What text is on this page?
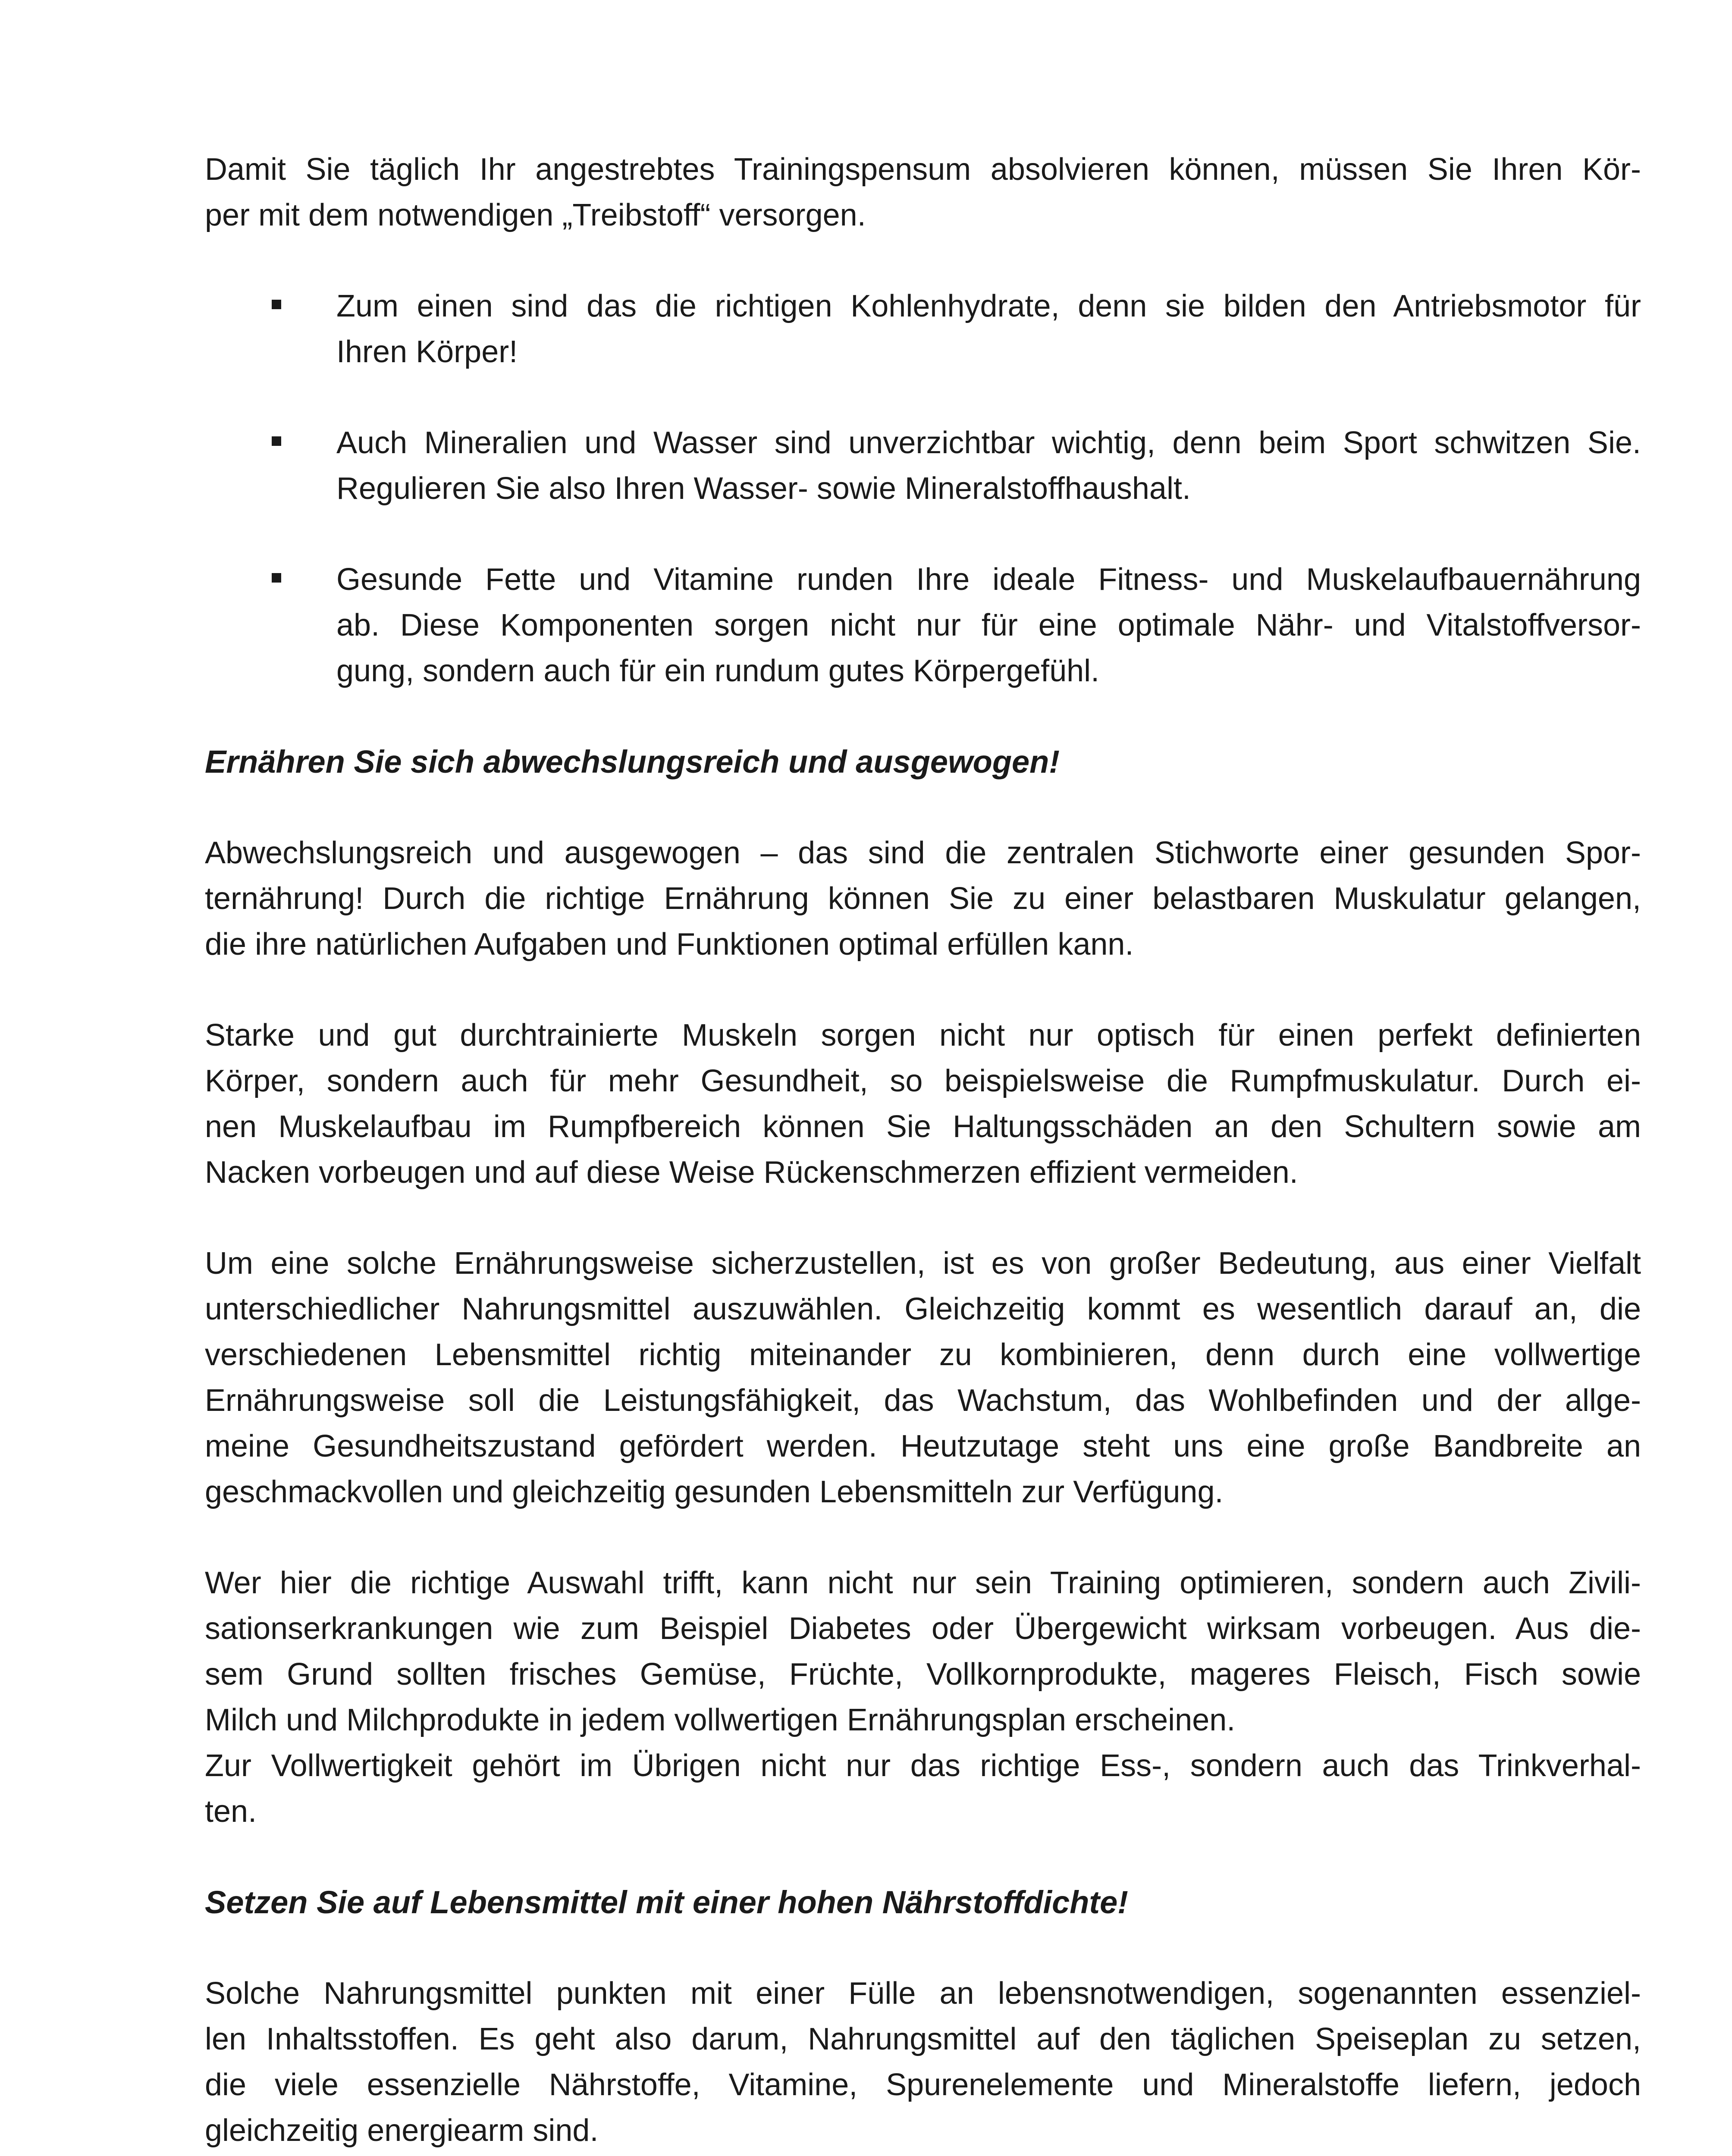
Damit Sie täglich Ihr angestrebtes Trainingspensum absolvieren können, müssen Sie Ihren Kör-
per mit dem notwendigen „Treibstoff“ versorgen.

Zum einen sind das die richtigen Kohlenhydrate, denn sie bilden den Antriebsmotor für
Ihren Körper!
Auch Mineralien und Wasser sind unverzichtbar wichtig, denn beim Sport schwitzen Sie.
Regulieren Sie also Ihren Wasser- sowie Mineralstoffhaushalt.
Gesunde Fette und Vitamine runden Ihre ideale Fitness- und Muskelaufbauernährung
ab. Diese Komponenten sorgen nicht nur für eine optimale Nähr- und Vitalstoffversor-
gung, sondern auch für ein rundum gutes Körpergefühl.
Ernähren Sie sich abwechslungsreich und ausgewogen!

Abwechslungsreich und ausgewogen – das sind die zentralen Stichworte einer gesunden Spor-
ternährung! Durch die richtige Ernährung können Sie zu einer belastbaren Muskulatur gelangen,
die ihre natürlichen Aufgaben und Funktionen optimal erfüllen kann.

Starke und gut durchtrainierte Muskeln sorgen nicht nur optisch für einen perfekt definierten
Körper, sondern auch für mehr Gesundheit, so beispielsweise die Rumpfmuskulatur. Durch ei-
nen Muskelaufbau im Rumpfbereich können Sie Haltungsschäden an den Schultern sowie am
Nacken vorbeugen und auf diese Weise Rückenschmerzen effizient vermeiden.

Um eine solche Ernährungsweise sicherzustellen, ist es von großer Bedeutung, aus einer Vielfalt
unterschiedlicher Nahrungsmittel auszuwählen. Gleichzeitig kommt es wesentlich darauf an, die
verschiedenen Lebensmittel richtig miteinander zu kombinieren, denn durch eine vollwertige
Ernährungsweise soll die Leistungsfähigkeit, das Wachstum, das Wohlbefinden und der allge-
meine Gesundheitszustand gefördert werden. Heutzutage steht uns eine große Bandbreite an
geschmackvollen und gleichzeitig gesunden Lebensmitteln zur Verfügung.

Wer hier die richtige Auswahl trifft, kann nicht nur sein Training optimieren, sondern auch Zivili-
sationserkrankungen wie zum Beispiel Diabetes oder Übergewicht wirksam vorbeugen. Aus die-
sem Grund sollten frisches Gemüse, Früchte, Vollkornprodukte, mageres Fleisch, Fisch sowie
Milch und Milchprodukte in jedem vollwertigen Ernährungsplan erscheinen.
Zur Vollwertigkeit gehört im Übrigen nicht nur das richtige Ess-, sondern auch das Trinkverhal-
ten.

Setzen Sie auf Lebensmittel mit einer hohen Nährstoffdichte!

Solche Nahrungsmittel punkten mit einer Fülle an lebensnotwendigen, sogenannten essenziel-
len Inhaltsstoffen. Es geht also darum, Nahrungsmittel auf den täglichen Speiseplan zu setzen,
die viele essenzielle Nährstoffe, Vitamine, Spurenelemente und Mineralstoffe liefern, jedoch
gleichzeitig energiearm sind.
